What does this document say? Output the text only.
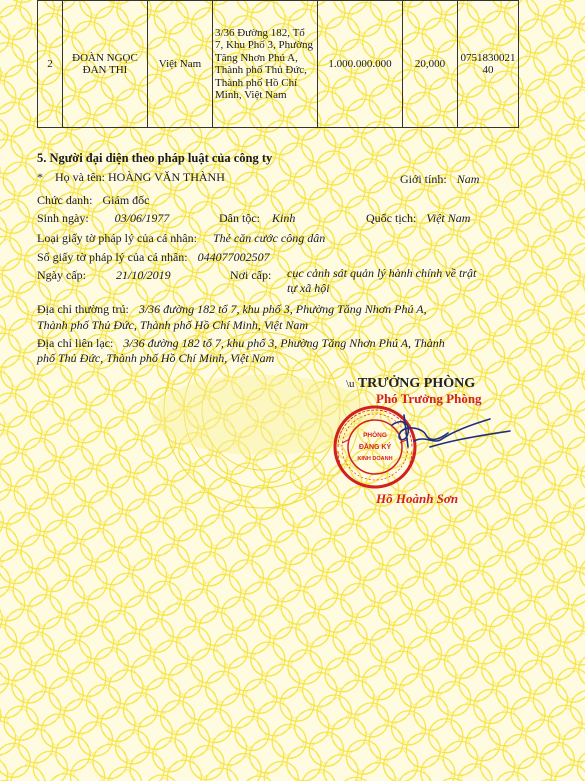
2	ĐOÀN NGỌC ĐAN THI	Việt Nam	3/36 Đường 182, Tổ 7, Khu Phố 3, Phường Tăng Nhơn Phú A, Thành phố Thủ Đức, Thành phố Hồ Chí Minh, Việt Nam	1.000.000.000	20,000	075183002140
5. Người đại diện theo pháp luật của công ty
* Họ và tên: HOÀNG VĂN THÀNH	Giới tính: Nam
Chức danh: Giám đốc
Sinh ngày: 03/06/1977	Dân tộc: Kinh	Quốc tịch: Việt Nam
Loại giấy tờ pháp lý của cá nhân: Thẻ căn cước công dân
Số giấy tờ pháp lý của cá nhân: 044077002507
Ngày cấp:	21/10/2019	Nơi cấp: cục cảnh sát quản lý hành chính về trật
tự xã hội
Địa chỉ thường trú: 3/36 đường 182 tổ 7, khu phố 3, Phường Tăng Nhơn Phú A,
Thành phố Thủ Đức, Thành phố Hồ Chí Minh, Việt Nam
Địa chỉ liên lạc: 3/36 đường 182 tổ 7, khu phố 3, Phường Tăng Nhơn Phú A, Thành
phố Thủ Đức, Thành phố Hồ Chí Minh, Việt Nam
\u TRƯỞNG PHÒNG
Phó Trưởng Phòng
PHÒNG
ĐĂNG KÝ
KINH DOANH
Hồ Hoành Sơn
